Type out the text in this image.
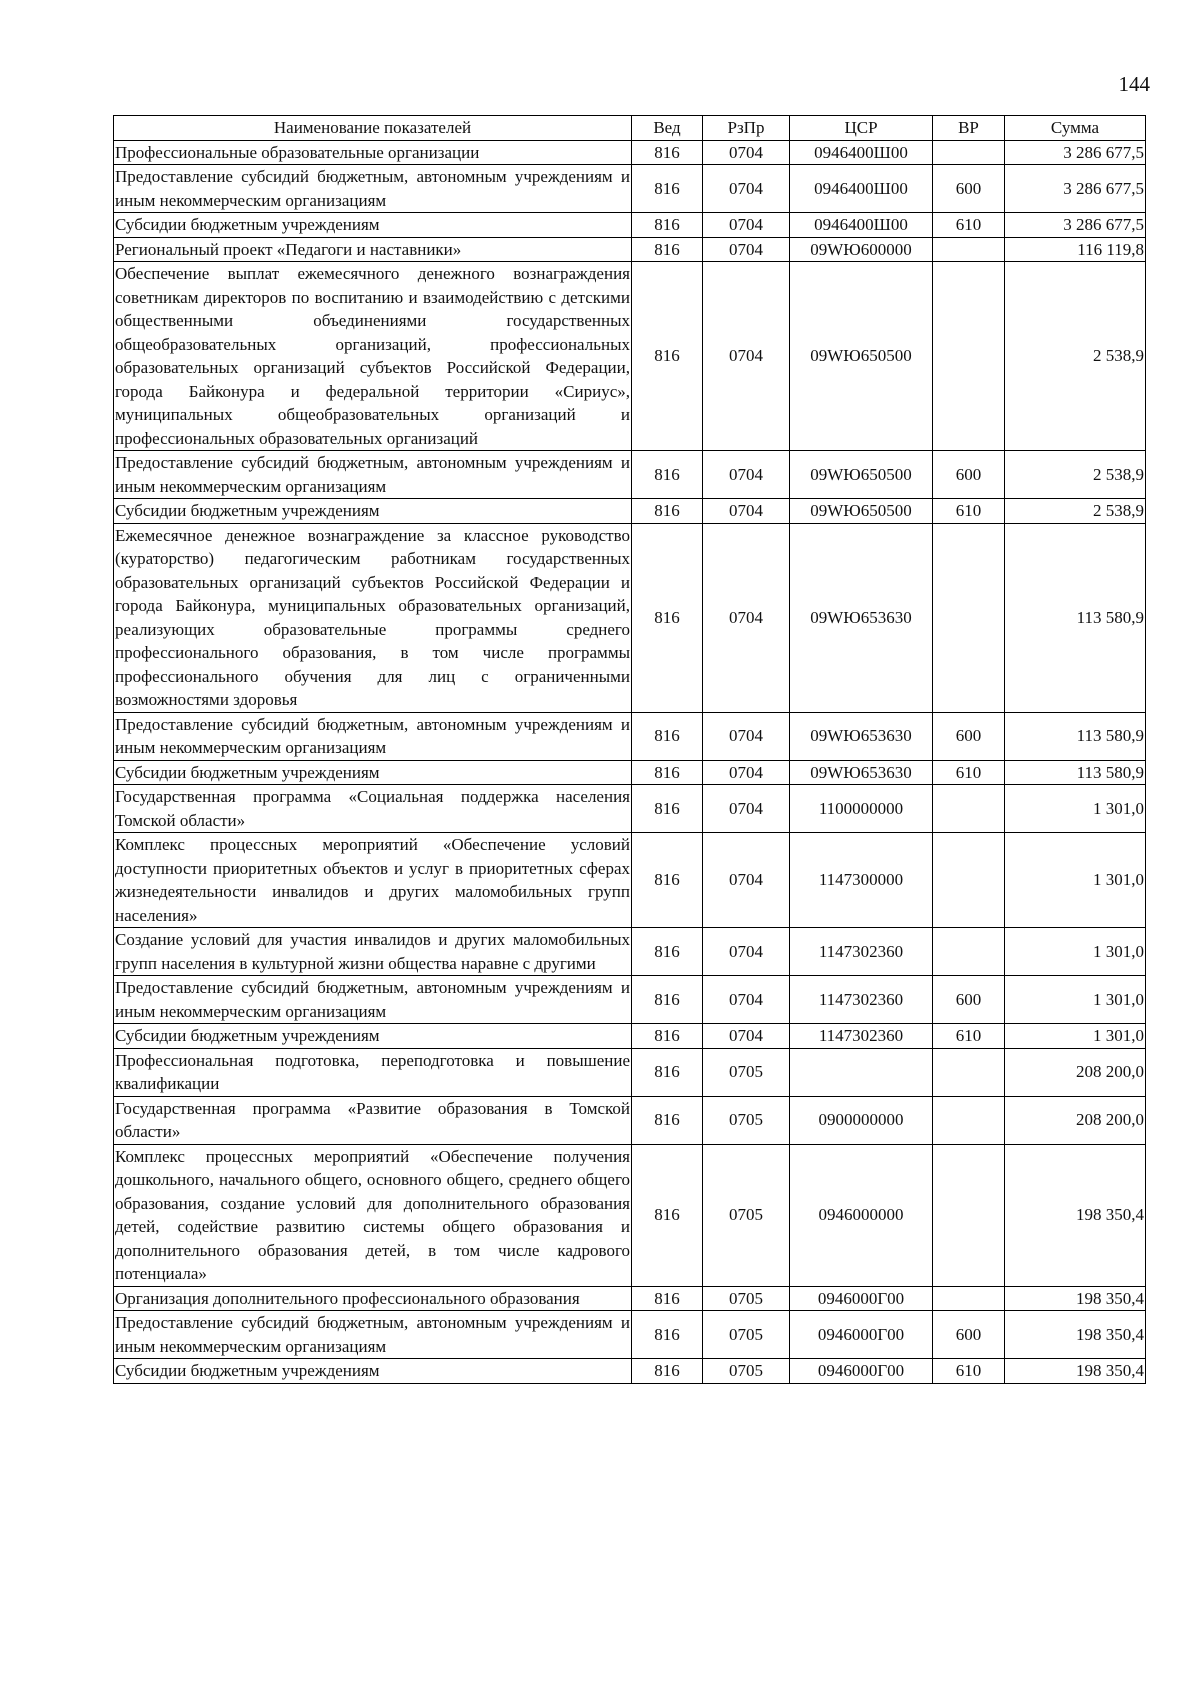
144
Наименование показателей	Вед	РзПр	ЦСР	ВР	Сумма
Профессиональные образовательные организации	816	0704	0946400Ш00		3 286 677,5
Предоставление субсидий бюджетным, автономным учреждениям и иным некоммерческим организациям	816	0704	0946400Ш00	600	3 286 677,5
Субсидии бюджетным учреждениям	816	0704	0946400Ш00	610	3 286 677,5
Региональный проект «Педагоги и наставники»	816	0704	09WЮ600000		116 119,8
Обеспечение выплат ежемесячного денежного вознаграждения советникам директоров по воспитанию и взаимодействию с детскими общественными объединениями государственных общеобразовательных организаций, профессиональных образовательных организаций субъектов Российской Федерации, города Байконура и федеральной территории «Сириус», муниципальных общеобразовательных организаций и профессиональных образовательных организаций	816	0704	09WЮ650500		2 538,9
Предоставление субсидий бюджетным, автономным учреждениям и иным некоммерческим организациям	816	0704	09WЮ650500	600	2 538,9
Субсидии бюджетным учреждениям	816	0704	09WЮ650500	610	2 538,9
Ежемесячное денежное вознаграждение за классное руководство (кураторство) педагогическим работникам государственных образовательных организаций субъектов Российской Федерации и города Байконура, муниципальных образовательных организаций, реализующих образовательные программы среднего профессионального образования, в том числе программы профессионального обучения для лиц с ограниченными возможностями здоровья	816	0704	09WЮ653630		113 580,9
Предоставление субсидий бюджетным, автономным учреждениям и иным некоммерческим организациям	816	0704	09WЮ653630	600	113 580,9
Субсидии бюджетным учреждениям	816	0704	09WЮ653630	610	113 580,9
Государственная программа «Социальная поддержка населения Томской области»	816	0704	1100000000		1 301,0
Комплекс процессных мероприятий «Обеспечение условий доступности приоритетных объектов и услуг в приоритетных сферах жизнедеятельности инвалидов и других маломобильных групп населения»	816	0704	1147300000		1 301,0
Создание условий для участия инвалидов и других маломобильных групп населения в культурной жизни общества наравне с другими	816	0704	1147302360		1 301,0
Предоставление субсидий бюджетным, автономным учреждениям и иным некоммерческим организациям	816	0704	1147302360	600	1 301,0
Субсидии бюджетным учреждениям	816	0704	1147302360	610	1 301,0
Профессиональная подготовка, переподготовка и повышение квалификации	816	0705			208 200,0
Государственная программа «Развитие образования в Томской области»	816	0705	0900000000		208 200,0
Комплекс процессных мероприятий «Обеспечение получения дошкольного, начального общего, основного общего, среднего общего образования, создание условий для дополнительного образования детей, содействие развитию системы общего образования и дополнительного образования детей, в том числе кадрового потенциала»	816	0705	0946000000		198 350,4
Организация дополнительного профессионального образования	816	0705	0946000Г00		198 350,4
Предоставление субсидий бюджетным, автономным учреждениям и иным некоммерческим организациям	816	0705	0946000Г00	600	198 350,4
Субсидии бюджетным учреждениям	816	0705	0946000Г00	610	198 350,4
